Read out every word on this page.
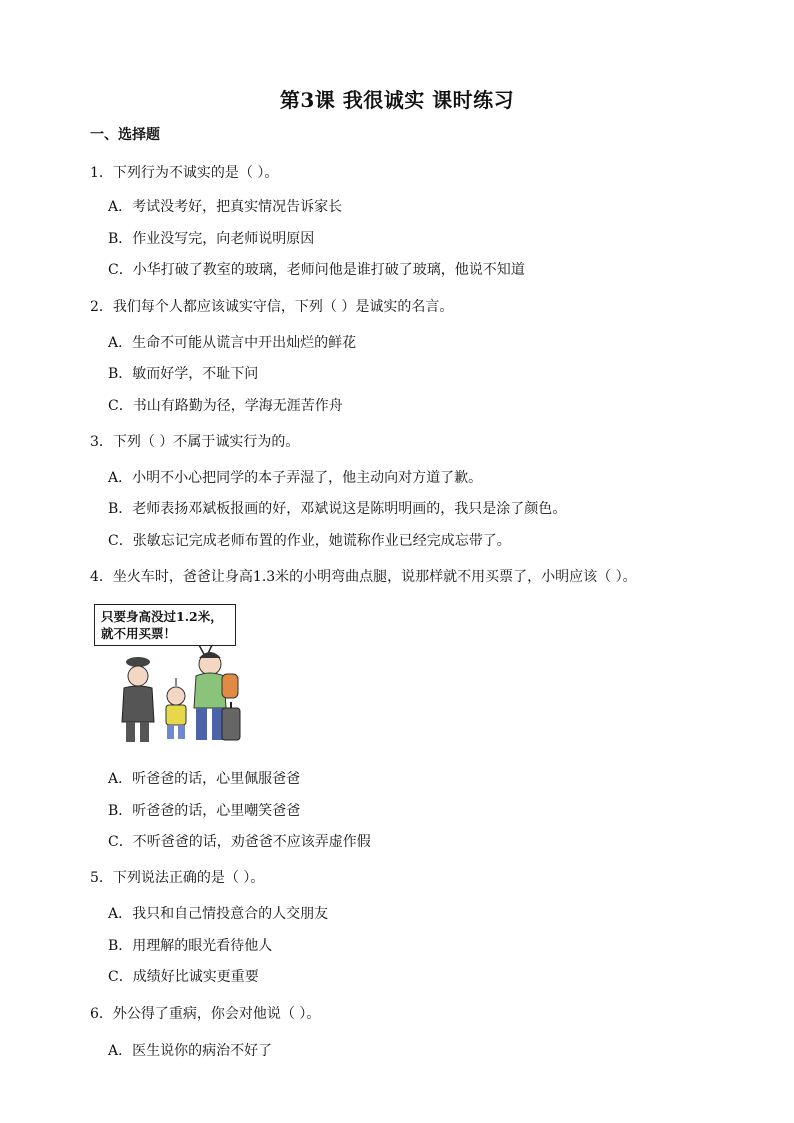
第3课 我很诚实 课时练习
一、选择题
1．下列行为不诚实的是（ ）。
A．考试没考好，把真实情况告诉家长
B．作业没写完，向老师说明原因
C．小华打破了教室的玻璃，老师问他是谁打破了玻璃，他说不知道
2．我们每个人都应该诚实守信，下列（ ）是诚实的名言。
A．生命不可能从谎言中开出灿烂的鲜花
B．敏而好学，不耻下问
C．书山有路勤为径，学海无涯苦作舟
3．下列（ ）不属于诚实行为的。
A．小明不小心把同学的本子弄湿了，他主动向对方道了歉。
B．老师表扬邓斌板报画的好，邓斌说这是陈明明画的，我只是涂了颜色。
C．张敏忘记完成老师布置的作业，她谎称作业已经完成忘带了。
4．坐火车时，爸爸让身高1.3米的小明弯曲点腿，说那样就不用买票了，小明应该（ ）。
只要身高没过1.2米，
就不用买票！
A．听爸爸的话，心里佩服爸爸
B．听爸爸的话，心里嘲笑爸爸
C．不听爸爸的话，劝爸爸不应该弄虚作假
5．下列说法正确的是（ ）。
A．我只和自己情投意合的人交朋友
B．用理解的眼光看待他人
C．成绩好比诚实更重要
6．外公得了重病，你会对他说（ ）。
A．医生说你的病治不好了
